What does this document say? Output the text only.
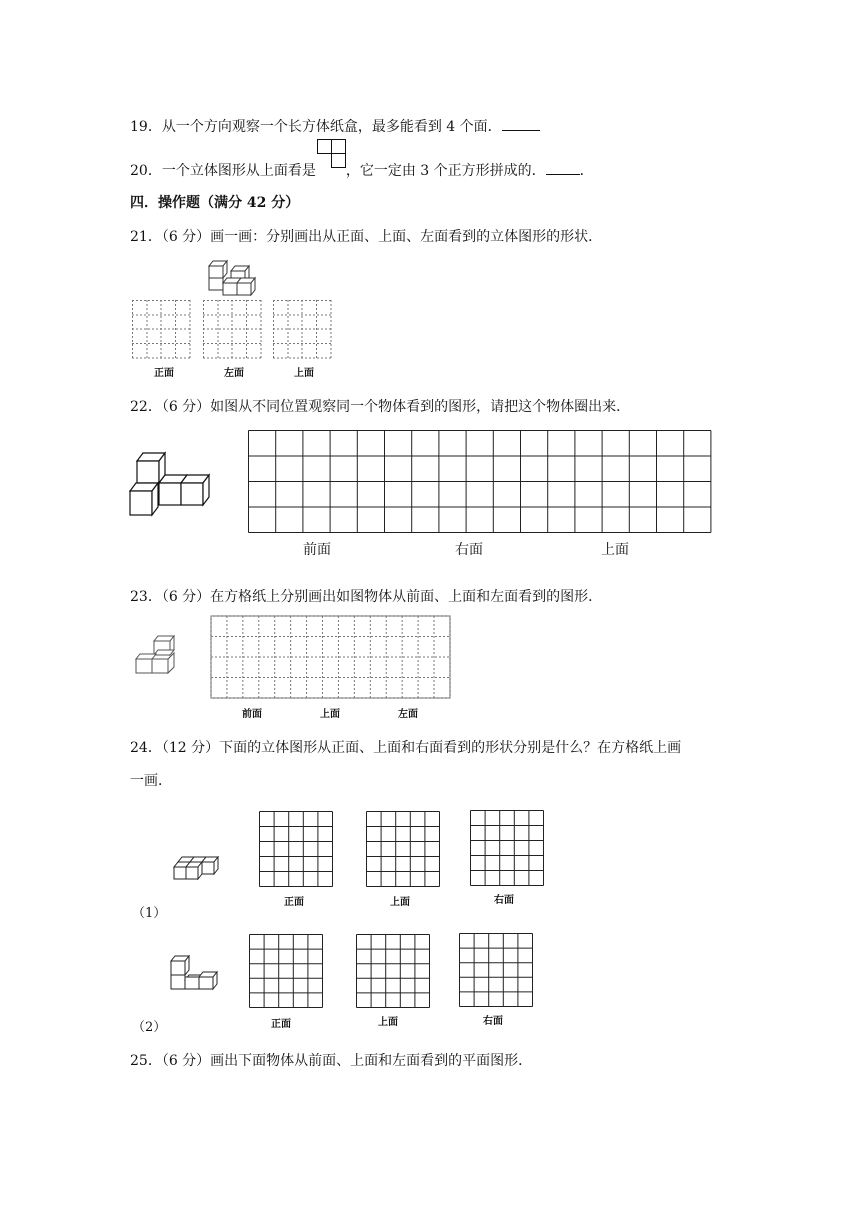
19．从一个方向观察一个长方体纸盒，最多能看到 4 个面．
20．一个立体图形从上面看是 ，它一定由 3 个正方形拼成的． ．
四．操作题（满分 42 分）
21．（6 分）画一画：分别画出从正面、上面、左面看到的立体图形的形状．
正面	左面	上面
22．（6 分）如图从不同位置观察同一个物体看到的图形，请把这个物体圈出来．
前面	右面	上面
23．（6 分）在方格纸上分别画出如图物体从前面、上面和左面看到的图形．
前面	上面	左面
24．（12 分）下面的立体图形从正面、上面和右面看到的形状分别是什么？在方格纸上画
一画．
（1）
正面	上面	右面
（2）	正面	上面	右面
25．（6 分）画出下面物体从前面、上面和左面看到的平面图形．
